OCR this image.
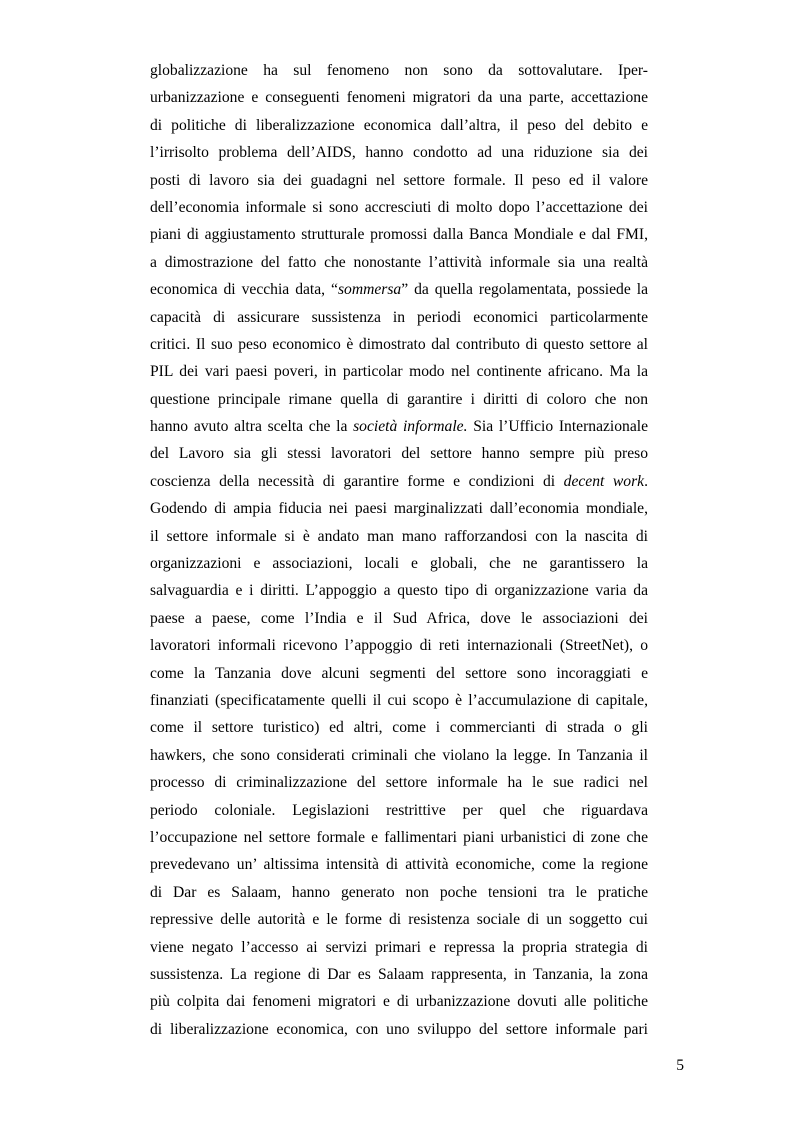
globalizzazione ha sul fenomeno non sono da sottovalutare. Iper-
urbanizzazione e conseguenti fenomeni migratori da una parte, accettazione
di politiche di liberalizzazione economica dall’altra, il peso del debito e
l’irrisolto problema dell’AIDS, hanno condotto ad una riduzione sia dei
posti di lavoro sia dei guadagni nel settore formale. Il peso ed il valore
dell’economia informale si sono accresciuti di molto dopo l’accettazione dei
piani di aggiustamento strutturale promossi dalla Banca Mondiale e dal FMI,
a dimostrazione del fatto che nonostante l’attività informale sia una realtà
economica di vecchia data, “sommersa” da quella regolamentata, possiede la
capacità di assicurare sussistenza in periodi economici particolarmente
critici. Il suo peso economico è dimostrato dal contributo di questo settore al
PIL dei vari paesi poveri, in particolar modo nel continente africano. Ma la
questione principale rimane quella di garantire i diritti di coloro che non
hanno avuto altra scelta che la società informale. Sia l’Ufficio Internazionale
del Lavoro sia gli stessi lavoratori del settore hanno sempre più preso
coscienza della necessità di garantire forme e condizioni di decent work.
Godendo di ampia fiducia nei paesi marginalizzati dall’economia mondiale,
il settore informale si è andato man mano rafforzandosi con la nascita di
organizzazioni e associazioni, locali e globali, che ne garantissero la
salvaguardia e i diritti. L’appoggio a questo tipo di organizzazione varia da
paese a paese, come l’India e il Sud Africa, dove le associazioni dei
lavoratori informali ricevono l’appoggio di reti internazionali (StreetNet), o
come la Tanzania dove alcuni segmenti del settore sono incoraggiati e
finanziati (specificatamente quelli il cui scopo è l’accumulazione di capitale,
come il settore turistico) ed altri, come i commercianti di strada o gli
hawkers, che sono considerati criminali che violano la legge. In Tanzania il
processo di criminalizzazione del settore informale ha le sue radici nel
periodo coloniale. Legislazioni restrittive per quel che riguardava
l’occupazione nel settore formale e fallimentari piani urbanistici di zone che
prevedevano un’ altissima intensità di attività economiche, come la regione
di Dar es Salaam, hanno generato non poche tensioni tra le pratiche
repressive delle autorità e le forme di resistenza sociale di un soggetto cui
viene negato l’accesso ai servizi primari e repressa la propria strategia di
sussistenza. La regione di Dar es Salaam rappresenta, in Tanzania, la zona
più colpita dai fenomeni migratori e di urbanizzazione dovuti alle politiche
di liberalizzazione economica, con uno sviluppo del settore informale pari
5
